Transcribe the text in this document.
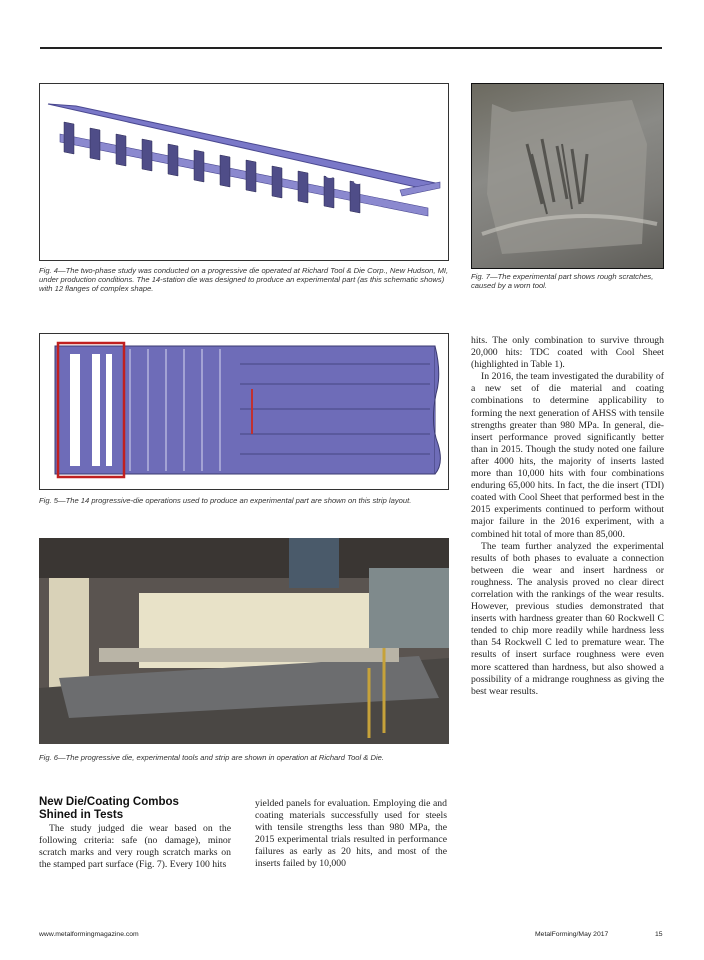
Fig. 4—The two-phase study was conducted on a progressive die operated at Richard Tool & Die Corp., New Hudson, MI, under production conditions. The 14-station die was designed to produce an experimental part (as this schematic shows) with 12 flanges of complex shape.

Fig. 7—The experimental part shows rough scratches, caused by a worn tool.

Fig. 5—The 14 progressive-die operations used to produce an experimental part are shown on this strip layout.

Fig. 6—The progressive die, experimental tools and strip are shown in operation at Richard Tool & Die.

New Die/Coating Combos Shined in Tests

The study judged die wear based on the following criteria: safe (no damage), minor scratch marks and very rough scratch marks on the stamped part surface (Fig. 7). Every 100 hits

yielded panels for evaluation. Employing die and coating materials successfully used for steels with tensile strengths less than 980 MPa, the 2015 experimental trials resulted in performance failures as early as 20 hits, and most of the inserts failed by 10,000

hits. The only combination to survive through 20,000 hits: TDC coated with Cool Sheet (highlighted in Table 1).

In 2016, the team investigated the durability of a new set of die material and coating combinations to determine applicability to forming the next generation of AHSS with tensile strengths greater than 980 MPa. In general, die-insert performance proved significantly better than in 2015. Though the study noted one failure after 4000 hits, the majority of inserts lasted more than 10,000 hits with four combinations enduring 65,000 hits. In fact, the die insert (TDI) coated with Cool Sheet that performed best in the 2015 experiments continued to perform without major failure in the 2016 experiment, with a combined hit total of more than 85,000.

The team further analyzed the experimental results of both phases to evaluate a connection between die wear and insert hardness or roughness. The analysis proved no clear direct correlation with the rankings of the wear results. However, previous studies demonstrated that inserts with hardness greater than 60 Rockwell C tended to chip more readily while hardness less than 54 Rockwell C led to premature wear. The results of insert surface roughness were even more scattered than hardness, but also showed a possibility of a midrange roughness as giving the best wear results.

www.metalformingmagazine.com	MetalForming/May 2017	15
